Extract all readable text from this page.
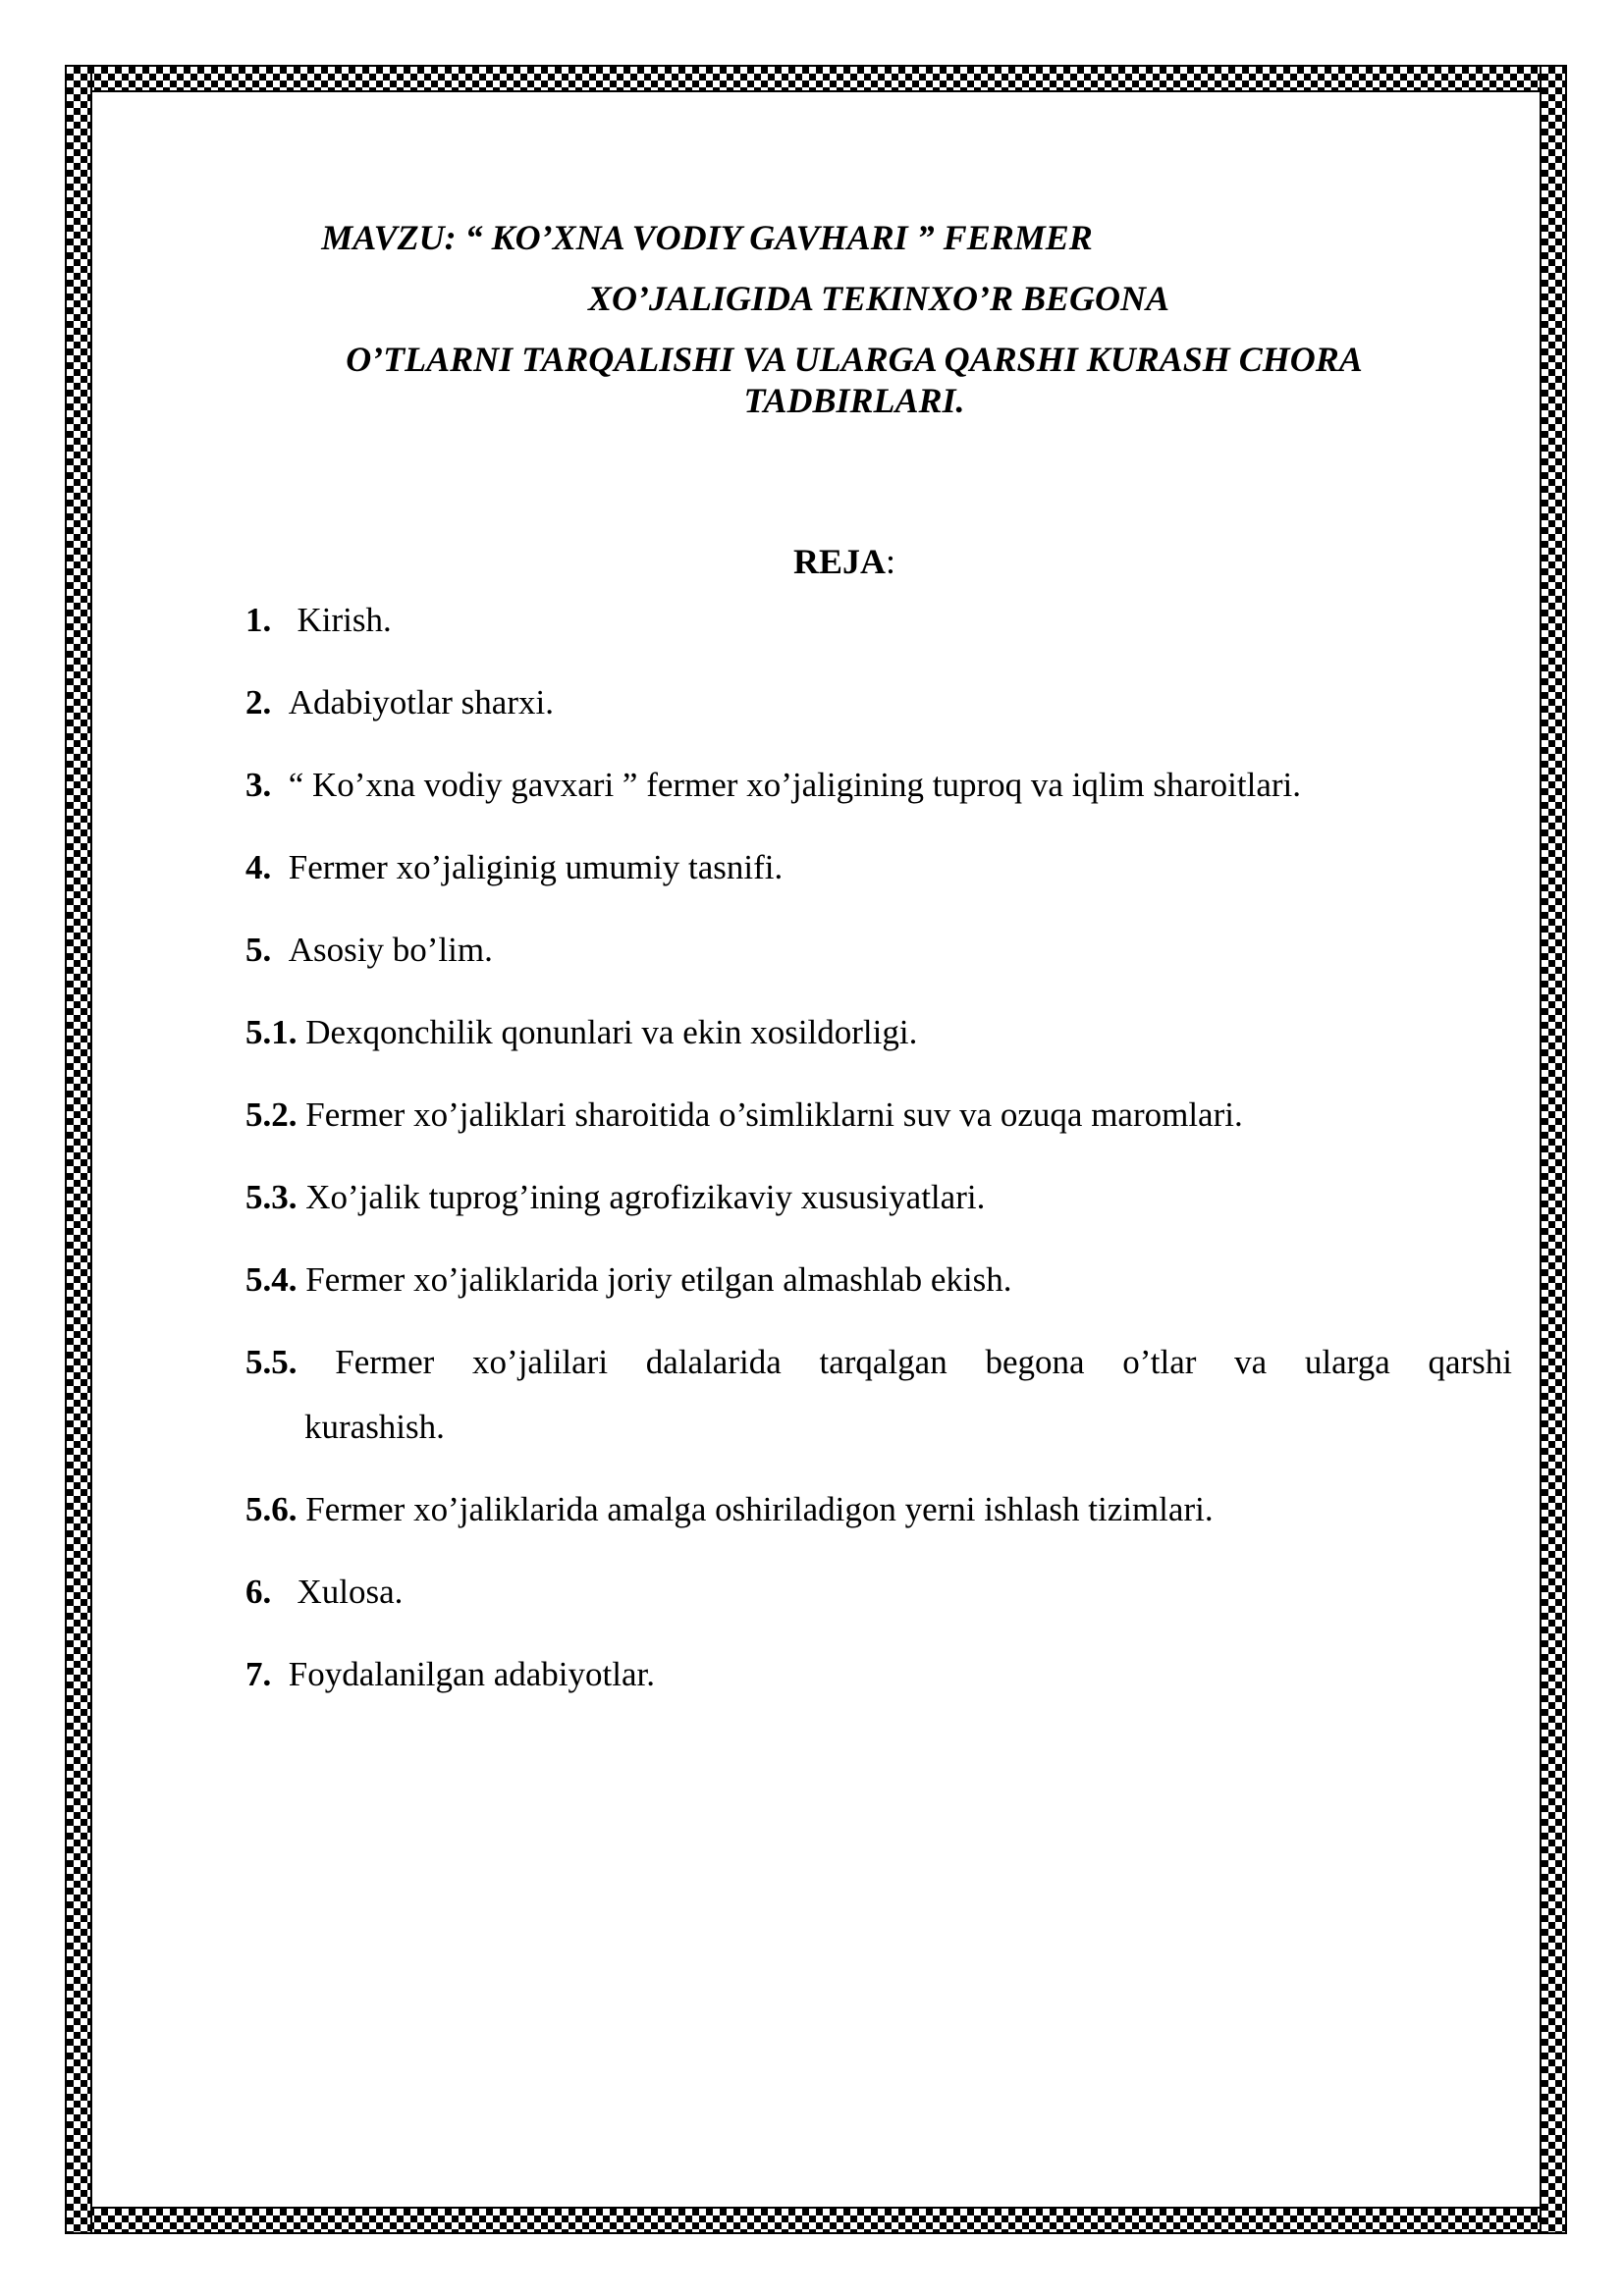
MAVZU: “ KO’XNA VODIY GAVHARI ” FERMER
XO’JALIGIDA TEKINXO’R BEGONA
O’TLARNI TARQALISHI VA ULARGA QARSHI KURASH CHORA
TADBIRLARI.
REJA:
1. Kirish.
2. Adabiyotlar sharxi.
3. “ Ko’xna vodiy gavxari ” fermer xo’jaligining tuproq va iqlim sharoitlari.
4. Fermer xo’jaliginig umumiy tasnifi.
5. Asosiy bo’lim.
5.1. Dexqonchilik qonunlari va ekin xosildorligi.
5.2. Fermer xo’jaliklari sharoitida o’simliklarni suv va ozuqa maromlari.
5.3. Xo’jalik tuprog’ining agrofizikaviy xususiyatlari.
5.4. Fermer xo’jaliklarida joriy etilgan almashlab ekish.
5.5. Fermer xo’jalilari dalalarida tarqalgan begona o’tlar va ularga qarshi
kurashish.
5.6. Fermer xo’jaliklarida amalga oshiriladigon yerni ishlash tizimlari.
6. Xulosa.
7. Foydalanilgan adabiyotlar.
